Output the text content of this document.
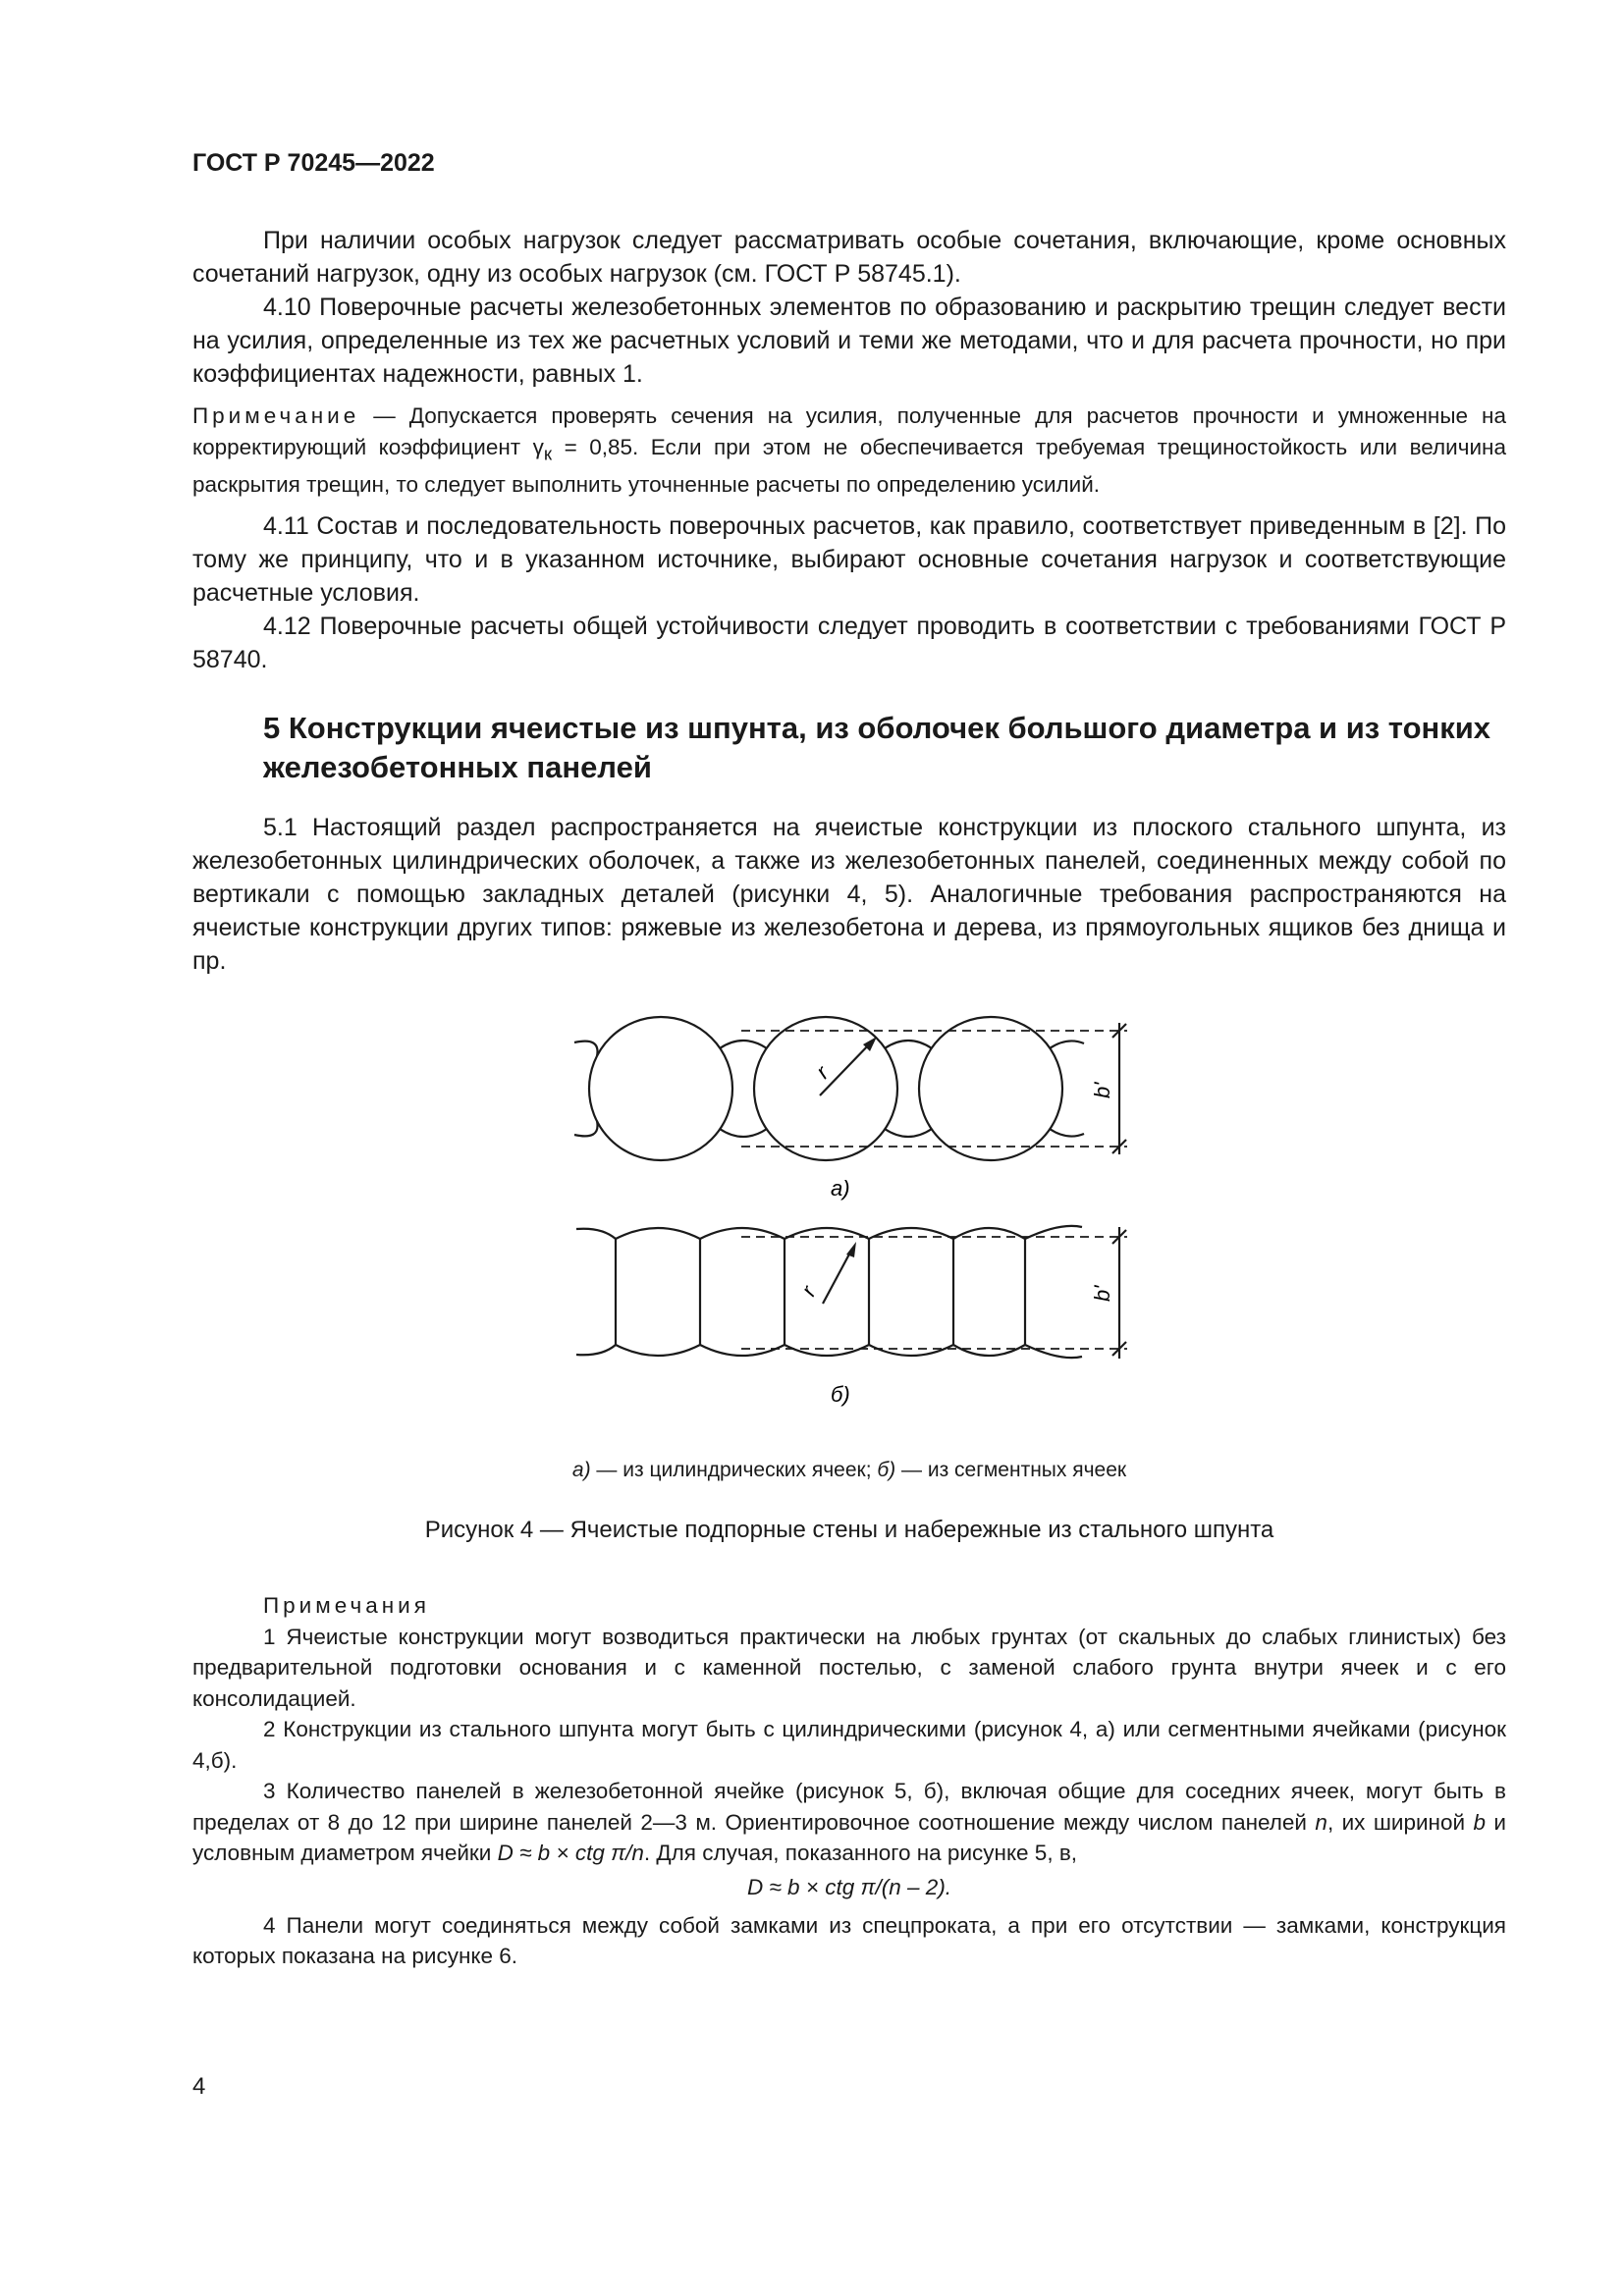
ГОСТ Р 70245—2022

При наличии особых нагрузок следует рассматривать особые сочетания, включающие, кроме основных сочетаний нагрузок, одну из особых нагрузок (см. ГОСТ Р 58745.1).

4.10 Поверочные расчеты железобетонных элементов по образованию и раскрытию трещин следует вести на усилия, определенные из тех же расчетных условий и теми же методами, что и для расчета прочности, но при коэффициентах надежности, равных 1.

Примечание — Допускается проверять сечения на усилия, полученные для расчетов прочности и умноженные на корректирующий коэффициент $\gamma_к = 0,85$. Если при этом не обеспечивается требуемая трещиностойкость или величина раскрытия трещин, то следует выполнить уточненные расчеты по определению усилий.

4.11 Состав и последовательность поверочных расчетов, как правило, соответствует приведенным в [2]. По тому же принципу, что и в указанном источнике, выбирают основные сочетания нагрузок и соответствующие расчетные условия.

4.12 Поверочные расчеты общей устойчивости следует проводить в соответствии с требованиями ГОСТ Р 58740.

5 Конструкции ячеистые из шпунта, из оболочек большого диаметра и из тонких железобетонных панелей

5.1 Настоящий раздел распространяется на ячеистые конструкции из плоского стального шпунта, из железобетонных цилиндрических оболочек, а также из железобетонных панелей, соединенных между собой по вертикали с помощью закладных деталей (рисунки 4, 5). Аналогичные требования распространяются на ячеистые конструкции других типов: ряжевые из железобетона и дерева, из прямоугольных ящиков без днища и пр.

r
b'
а)
r	b'
б)
а) — из цилиндрических ячеек; б) — из сегментных ячеек
Рисунок 4 — Ячеистые подпорные стены и набережные из стального шпунта

Примечания

1 Ячеистые конструкции могут возводиться практически на любых грунтах (от скальных до слабых глинистых) без предварительной подготовки основания и с каменной постелью, с заменой слабого грунта внутри ячеек и с его консолидацией.

2 Конструкции из стального шпунта могут быть с цилиндрическими (рисунок 4, а) или сегментными ячейками (рисунок 4,б).

3 Количество панелей в железобетонной ячейке (рисунок 5, б), включая общие для соседних ячеек, могут быть в пределах от 8 до 12 при ширине панелей 2—3 м. Ориентировочное соотношение между числом панелей n, их шириной b и условным диаметром ячейки D ≈ b × ctg π/n. Для случая, показанного на рисунке 5, в,

D ≈ b × ctg π/(n – 2).

4 Панели могут соединяться между собой замками из спецпроката, а при его отсутствии — замками, конструкция которых показана на рисунке 6.

4
